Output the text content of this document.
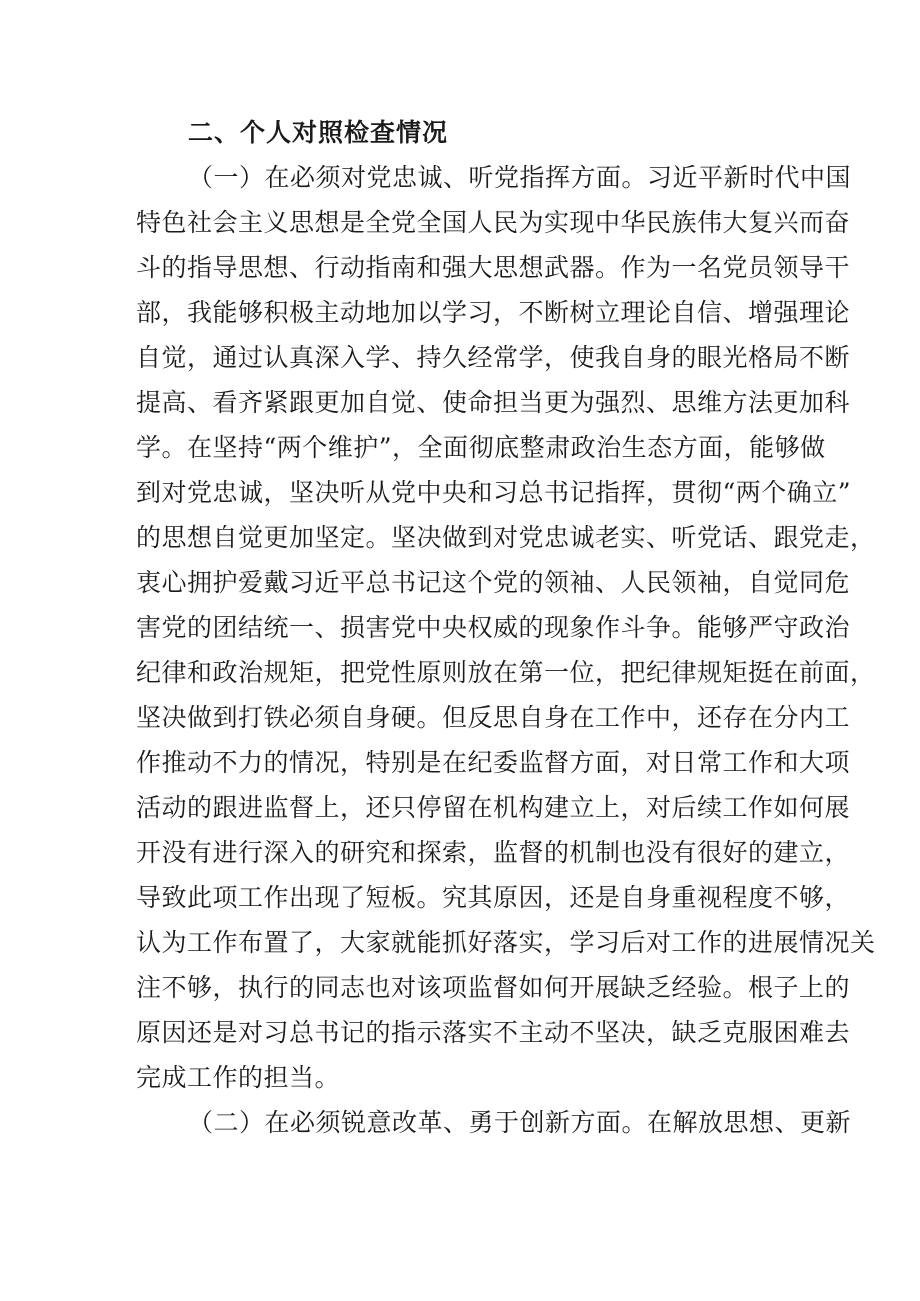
二、个人对照检查情况
（一）在必须对党忠诚、听党指挥方面。习近平新时代中国
特色社会主义思想是全党全国人民为实现中华民族伟大复兴而奋
斗的指导思想、行动指南和强大思想武器。作为一名党员领导干
部，我能够积极主动地加以学习，不断树立理论自信、增强理论
自觉，通过认真深入学、持久经常学，使我自身的眼光格局不断
提高、看齐紧跟更加自觉、使命担当更为强烈、思维方法更加科
学。在坚持“两个维护”，全面彻底整肃政治生态方面，能够做
到对党忠诚，坚决听从党中央和习总书记指挥，贯彻“两个确立”
的思想自觉更加坚定。坚决做到对党忠诚老实、听党话、跟党走，
衷心拥护爱戴习近平总书记这个党的领袖、人民领袖，自觉同危
害党的团结统一、损害党中央权威的现象作斗争。能够严守政治
纪律和政治规矩，把党性原则放在第一位，把纪律规矩挺在前面，
坚决做到打铁必须自身硬。但反思自身在工作中，还存在分内工
作推动不力的情况，特别是在纪委监督方面，对日常工作和大项
活动的跟进监督上，还只停留在机构建立上，对后续工作如何展
开没有进行深入的研究和探索，监督的机制也没有很好的建立，
导致此项工作出现了短板。究其原因，还是自身重视程度不够，
认为工作布置了，大家就能抓好落实，学习后对工作的进展情况关
注不够，执行的同志也对该项监督如何开展缺乏经验。根子上的
原因还是对习总书记的指示落实不主动不坚决，缺乏克服困难去
完成工作的担当。
（二）在必须锐意改革、勇于创新方面。在解放思想、更新
